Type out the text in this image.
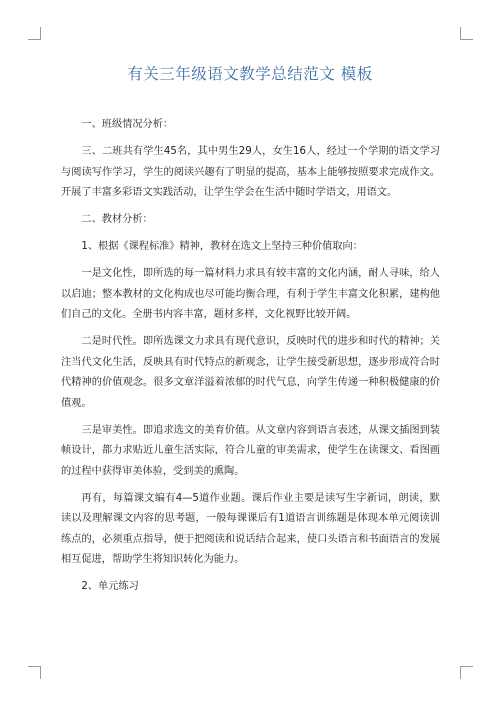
有关三年级语文教学总结范文 模板

一、班级情况分析：

三、二班共有学生45名，其中男生29人，女生16人，经过一个学期的语文学习与阅读写作学习，学生的阅读兴趣有了明显的提高，基本上能够按照要求完成作文。开展了丰富多彩语文实践活动，让学生学会在生活中随时学语文，用语文。

二、教材分析：

1、根据《课程标准》精神，教材在选文上坚持三种价值取向：

一是文化性，即所选的每一篇材料力求具有较丰富的文化内涵，耐人寻味，给人以启迪；整本教材的文化构成也尽可能均衡合理，有利于学生丰富文化积累，建构他们自己的文化。全册书内容丰富，题材多样，文化视野比较开阔。

二是时代性。即所选课文力求具有现代意识，反映时代的进步和时代的精神；关注当代文化生活，反映具有时代特点的新观念，让学生接受新思想，逐步形成符合时代精神的价值观念。很多文章洋溢着浓郁的时代气息，向学生传递一种积极健康的价值观。

三是审美性。即追求选文的美育价值。从文章内容到语言表述，从课文插图到装帧设计，都力求贴近儿童生活实际，符合儿童的审美需求，使学生在读课文、看图画的过程中获得审美体验，受到美的熏陶。

再有，每篇课文编有4—5道作业题。课后作业主要是读写生字新词，朗读，默读以及理解课文内容的思考题，一般每课课后有1道语言训练题是体现本单元阅读训练点的，必须重点指导，便于把阅读和说话结合起来，使口头语言和书面语言的发展相互促进，帮助学生将知识转化为能力。

2、单元练习
